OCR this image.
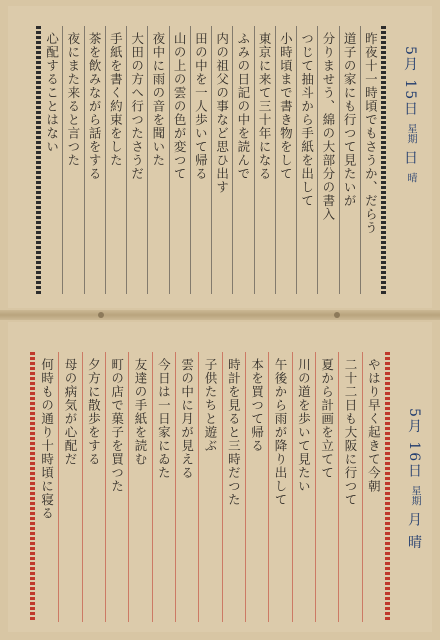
昨夜十一時頃でもさうか、だらう
道子の家にも行つて見たいが
分りませう、綿の大部分の書入
つじて抽斗から手紙を出して
小時頃まで書き物をして
東京に来て三十年になる
ふみの日記の中を読んで
内の祖父の事など思ひ出す
田の中を一人歩いて帰る
山の上の雲の色が変つて
夜中に雨の音を聞いた
大田の方へ行つたさうだ
手紙を書く約束をした
茶を飲みながら話をする
夜にまた来ると言つた
心配することはない	5月 15日 星期 日 晴
やはり早く起きて今朝
二十二日も大阪に行つて
夏から計画を立てて
川の道を歩いて見たい
午後から雨が降り出して
本を買つて帰る
時計を見ると三時だつた
子供たちと遊ぶ
雲の中に月が見える
今日は一日家にゐた
友達の手紙を読む
町の店で菓子を買つた
夕方に散歩をする
母の病気が心配だ
何時もの通り十時頃に寝る	5月 16日 星期 月 晴
